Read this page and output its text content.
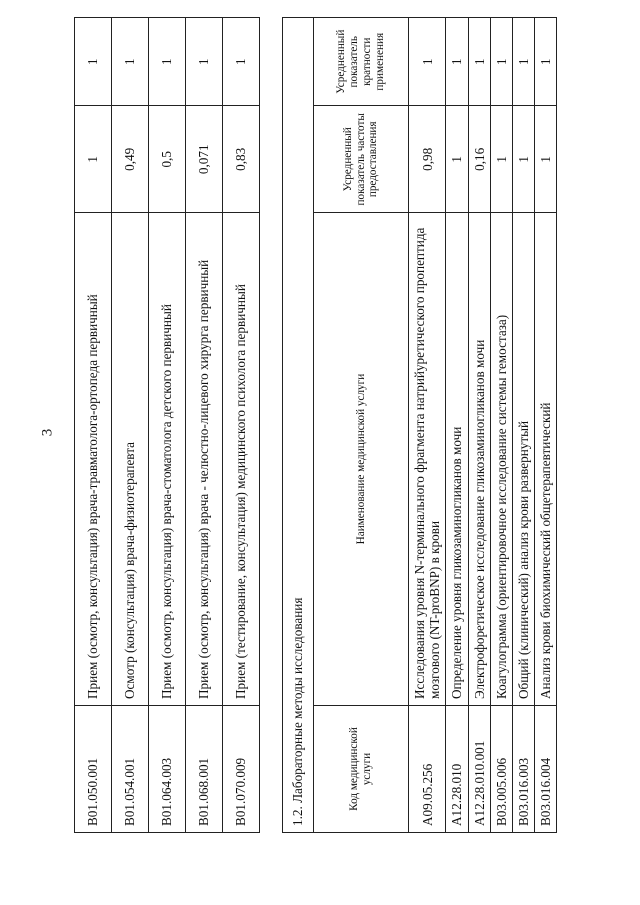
3
B01.050.001	Прием (осмотр, консультация) врача-травматолога-ортопеда первичный	1	1
B01.054.001	Осмотр (консультация) врача-физиотерапевта	0,49	1
B01.064.003	Прием (осмотр, консультация) врача-стоматолога детского первичный	0,5	1
B01.068.001	Прием (осмотр, консультация) врача - челюстно-лицевого хирурга первичный	0,071	1
B01.070.009	Прием (тестирование, консультация) медицинского психолога первичный	0,83	1
1.2. Лабораторные методы исследования			
Код медицинской услуги	Наименование медицинской услуги	Усредненный показатель частоты предоставления	Усредненный показатель кратности применения
A09.05.256	Исследования уровня N-терминального фрагмента натрийуретического пропептида мозгового (NT-proBNP) в крови	0,98	1
A12.28.010	Определение уровня гликозаминогликанов мочи	1	1
A12.28.010.001	Электрофоретическое исследование гликозаминогликанов мочи	0,16	1
B03.005.006	Коагулограмма (ориентировочное исследование системы гемостаза)	1	1
B03.016.003	Общий (клинический) анализ крови развернутый	1	1
B03.016.004	Анализ крови биохимический общетерапевтический	1	1
